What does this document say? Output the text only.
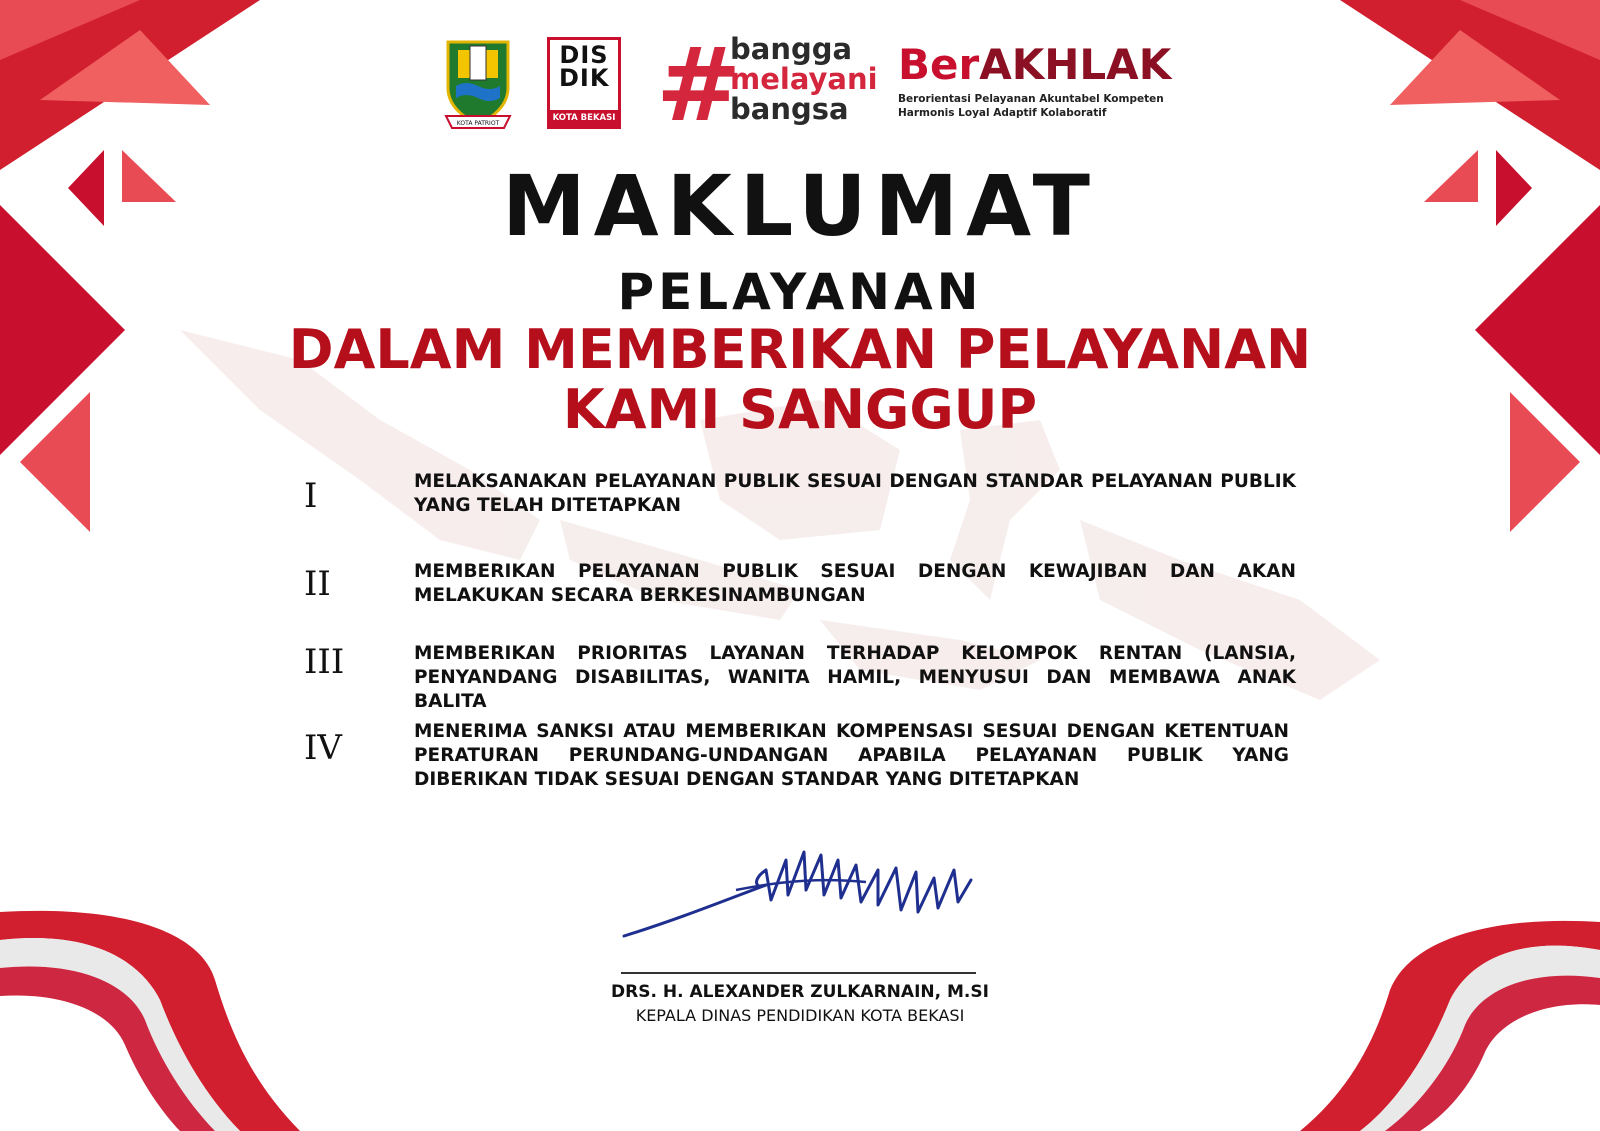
KOTA PATRIOT
DIS DIK
KOTA BEKASI #
bangga
melayani
bangsa
BerAKHLAK
Berorientasi Pelayanan Akuntabel Kompeten
Harmonis Loyal Adaptif Kolaboratif
MAKLUMAT
PELAYANAN
DALAM MEMBERIKAN PELAYANAN
KAMI SANGGUP
I	MELAKSANAKAN PELAYANAN PUBLIK SESUAI DENGAN STANDAR PELAYANAN PUBLIK YANG TELAH DITETAPKAN
II	MEMBERIKAN PELAYANAN PUBLIK SESUAI DENGAN KEWAJIBAN DAN AKAN MELAKUKAN SECARA BERKESINAMBUNGAN
III	MEMBERIKAN PRIORITAS LAYANAN TERHADAP KELOMPOK RENTAN (LANSIA, PENYANDANG DISABILITAS, WANITA HAMIL, MENYUSUI DAN MEMBAWA ANAK BALITA
IV	MENERIMA SANKSI ATAU MEMBERIKAN KOMPENSASI SESUAI DENGAN KETENTUAN PERATURAN PERUNDANG-UNDANGAN APABILA PELAYANAN PUBLIK YANG DIBERIKAN TIDAK SESUAI DENGAN STANDAR YANG DITETAPKAN
DRS. H. ALEXANDER ZULKARNAIN, M.SI
KEPALA DINAS PENDIDIKAN KOTA BEKASI
